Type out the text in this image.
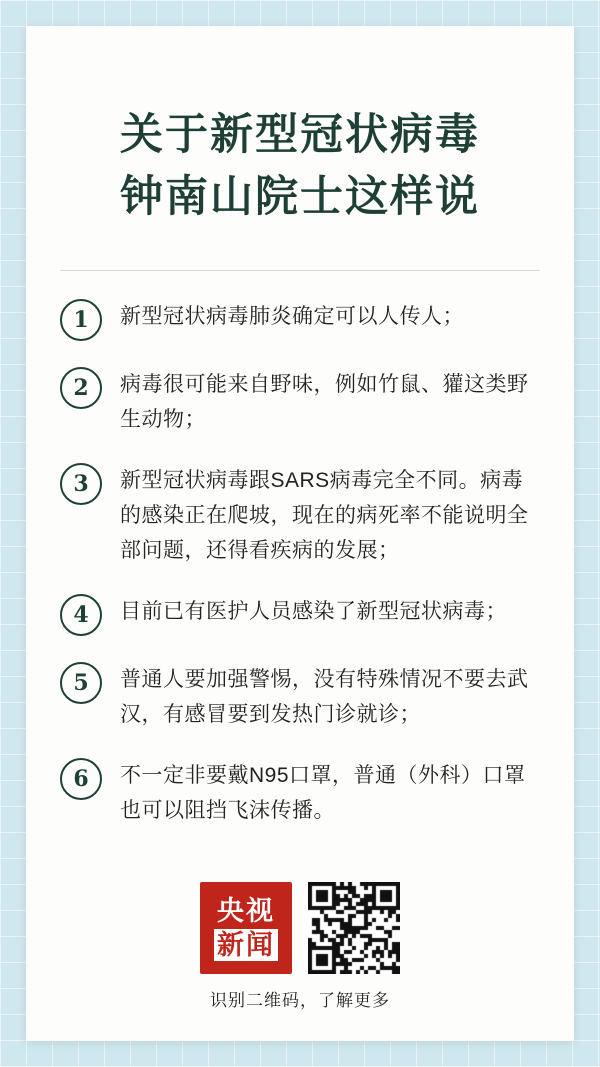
关于新型冠状病毒
钟南山院士这样说
1	新型冠状病毒肺炎确定可以人传人；
2	病毒很可能来自野味，例如竹鼠、獾这类野生动物；
3	新型冠状病毒跟SARS病毒完全不同。病毒的感染正在爬坡，现在的病死率不能说明全部问题，还得看疾病的发展；
4	目前已有医护人员感染了新型冠状病毒；
5	普通人要加强警惕，没有特殊情况不要去武汉，有感冒要到发热门诊就诊；
6	不一定非要戴N95口罩，普通（外科）口罩也可以阻挡飞沫传播。
央视
新闻
识别二维码，了解更多
